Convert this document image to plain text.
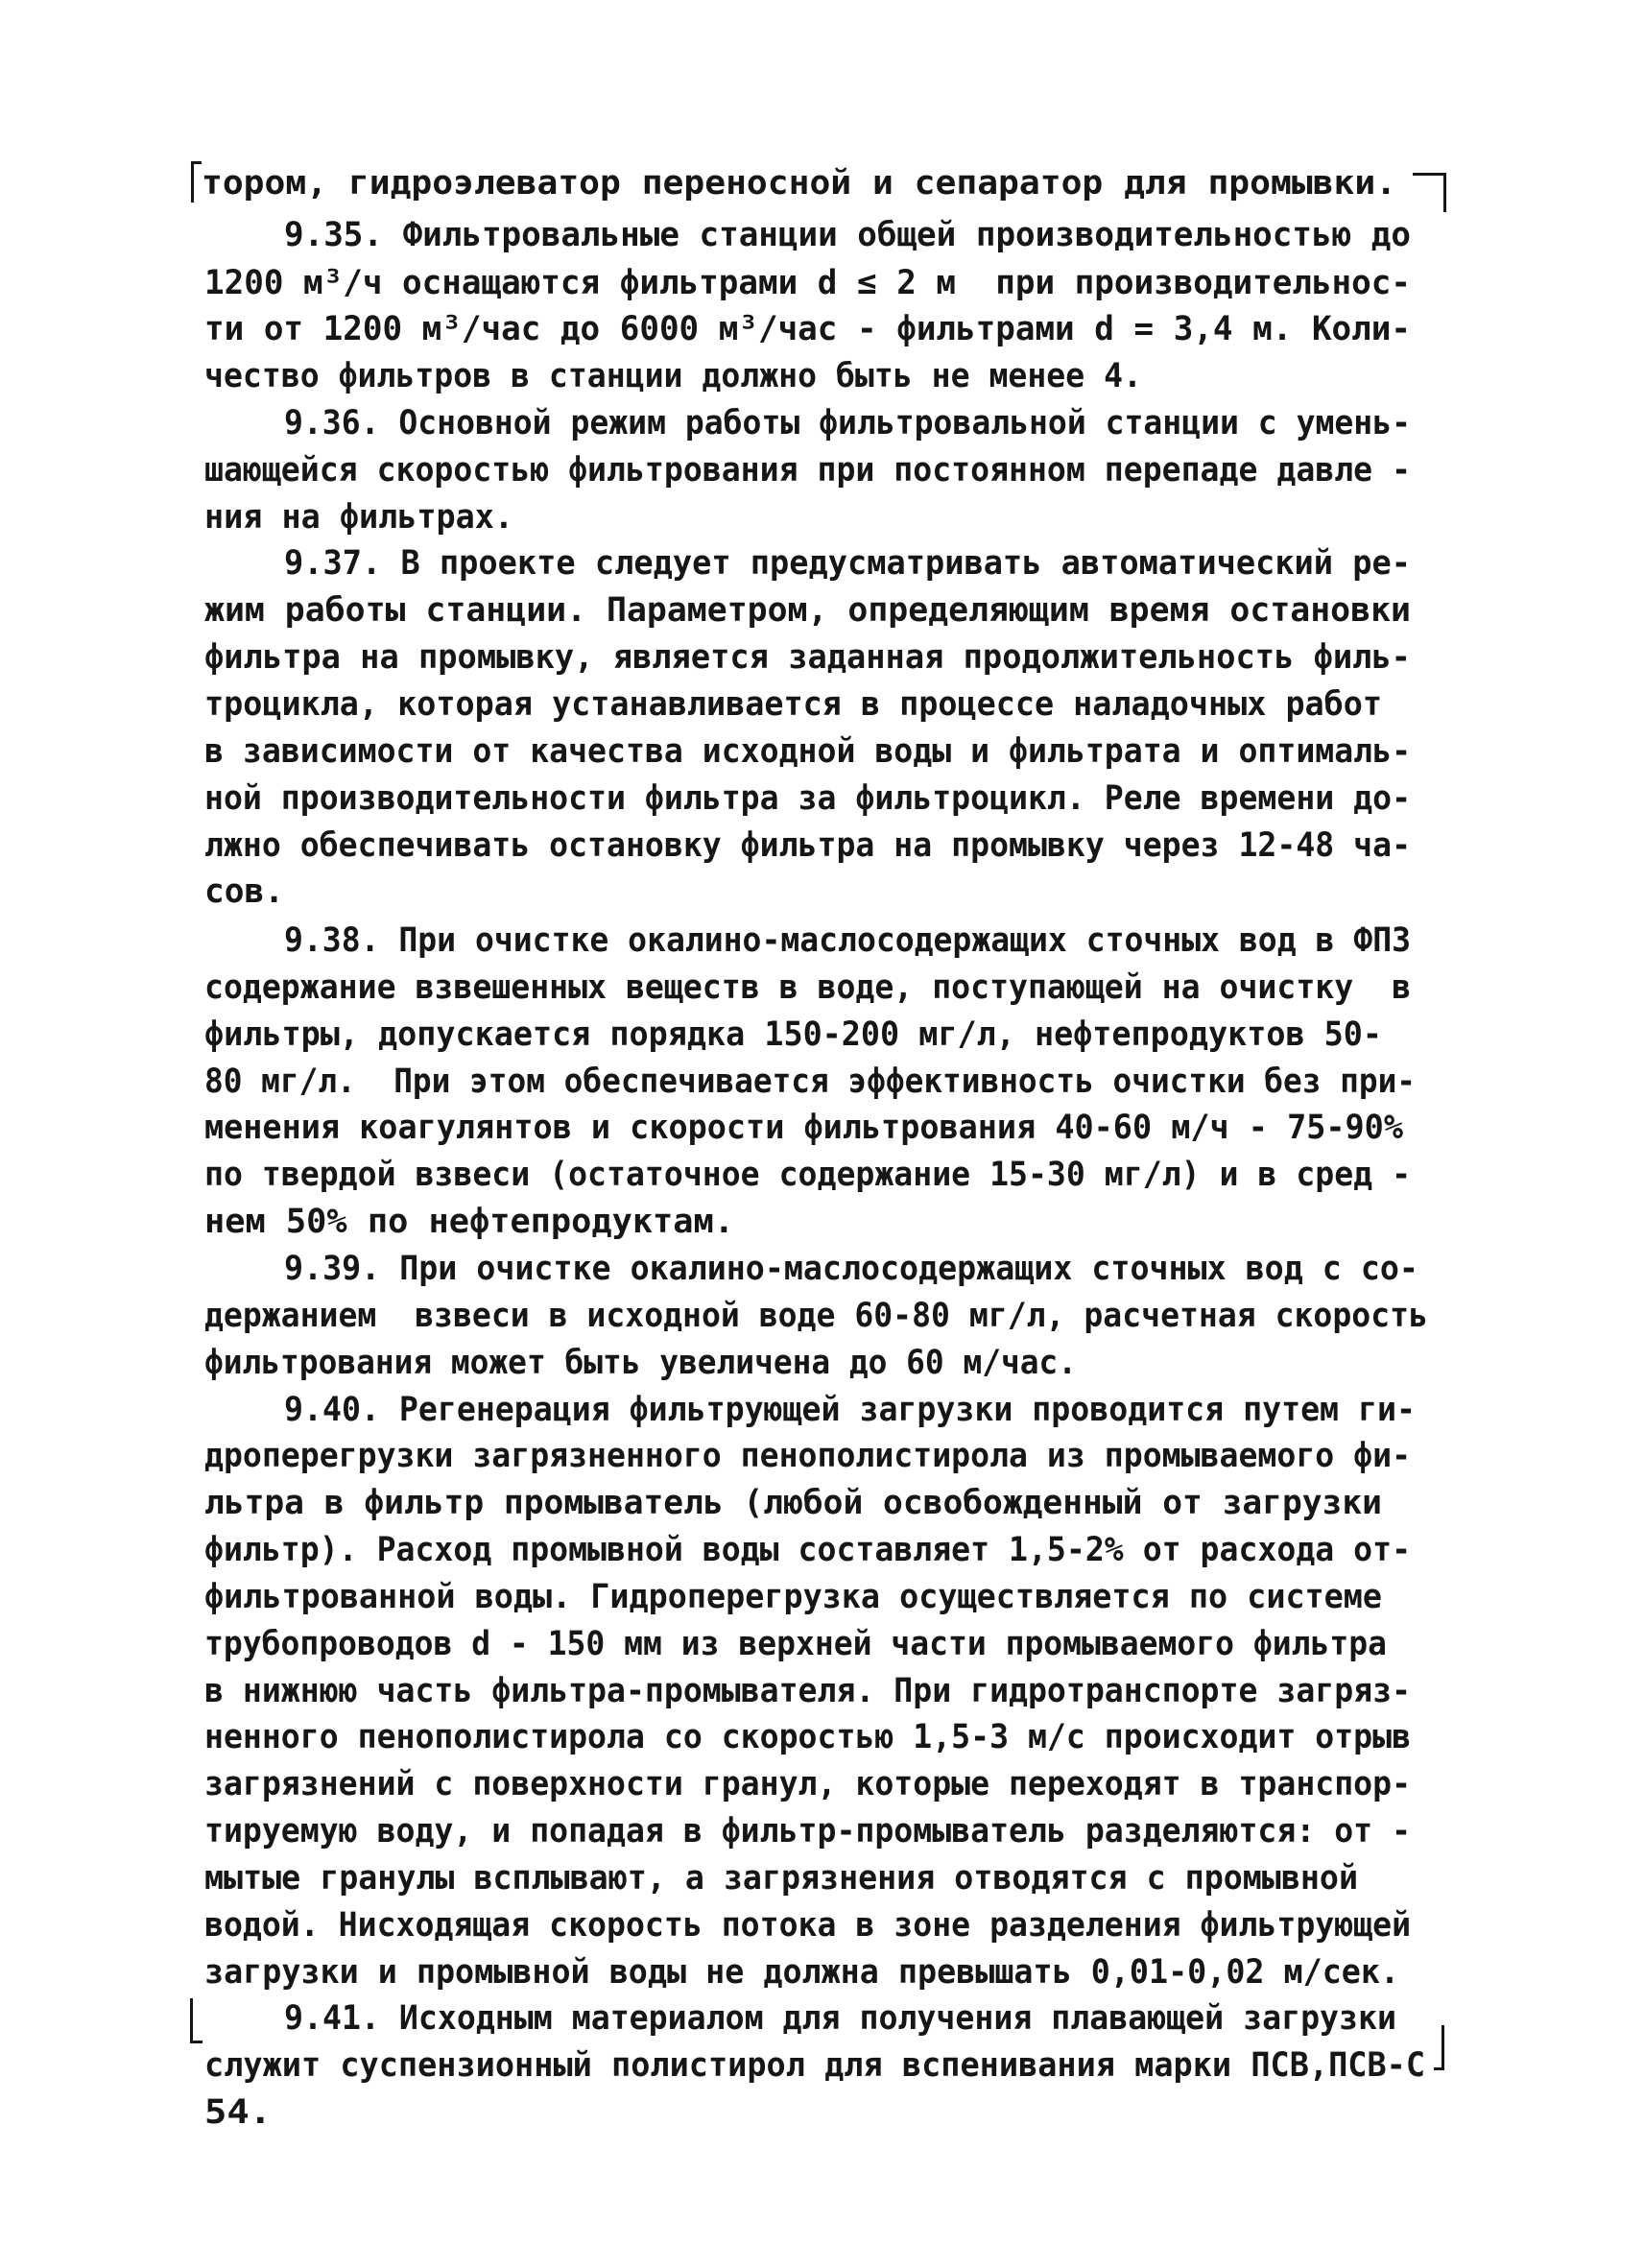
тором, гидроэлеватор переносной и сепаратор для промывки.

9.35. Фильтровальные станции общей производительностью до

1200 м³/ч оснащаются фильтрами d ≤ 2 м  при производительнос-

ти от 1200 м³/час до 6000 м³/час - фильтрами d = 3,4 м. Коли-

чество фильтров в станции должно быть не менее 4.

9.36. Основной режим работы фильтровальной станции с умень-

шающейся скоростью фильтрования при постоянном перепаде давле -

ния на фильтрах.

9.37. В проекте следует предусматривать автоматический ре-

жим работы станции. Параметром, определяющим время остановки

фильтра на промывку, является заданная продолжительность филь-

троцикла, которая устанавливается в процессе наладочных работ

в зависимости от качества исходной воды и фильтрата и оптималь-

ной производительности фильтра за фильтроцикл. Реле времени до-

лжно обеспечивать остановку фильтра на промывку через 12-48 ча-

сов.

9.38. При очистке окалино-маслосодержащих сточных вод в ФПЗ

содержание взвешенных веществ в воде, поступающей на очистку  в

фильтры, допускается порядка 150-200 мг/л, нефтепродуктов 50-

80 мг/л.  При этом обеспечивается эффективность очистки без при-

менения коагулянтов и скорости фильтрования 40-60 м/ч - 75-90%

по твердой взвеси (остаточное содержание 15-30 мг/л) и в сред -

нем 50% по нефтепродуктам.

9.39. При очистке окалино-маслосодержащих сточных вод с со-

держанием  взвеси в исходной воде 60-80 мг/л, расчетная скорость

фильтрования может быть увеличена до 60 м/час.

9.40. Регенерация фильтрующей загрузки проводится путем ги-

дроперегрузки загрязненного пенополистирола из промываемого фи-

льтра в фильтр промыватель (любой освобожденный от загрузки

фильтр). Расход промывной воды составляет 1,5-2% от расхода от-

фильтрованной воды. Гидроперегрузка осуществляется по системе

трубопроводов d - 150 мм из верхней части промываемого фильтра

в нижнюю часть фильтра-промывателя. При гидротранспорте загряз-

ненного пенополистирола со скоростью 1,5-3 м/с происходит отрыв

загрязнений с поверхности гранул, которые переходят в транспор-

тируемую воду, и попадая в фильтр-промыватель разделяются: от -

мытые гранулы всплывают, а загрязнения отводятся с промывной

водой. Нисходящая скорость потока в зоне разделения фильтрующей

загрузки и промывной воды не должна превышать 0,01-0,02 м/сек.

9.41. Исходным материалом для получения плавающей загрузки

служит суспензионный полистирол для вспенивания марки ПСВ,ПСВ-С

54.
